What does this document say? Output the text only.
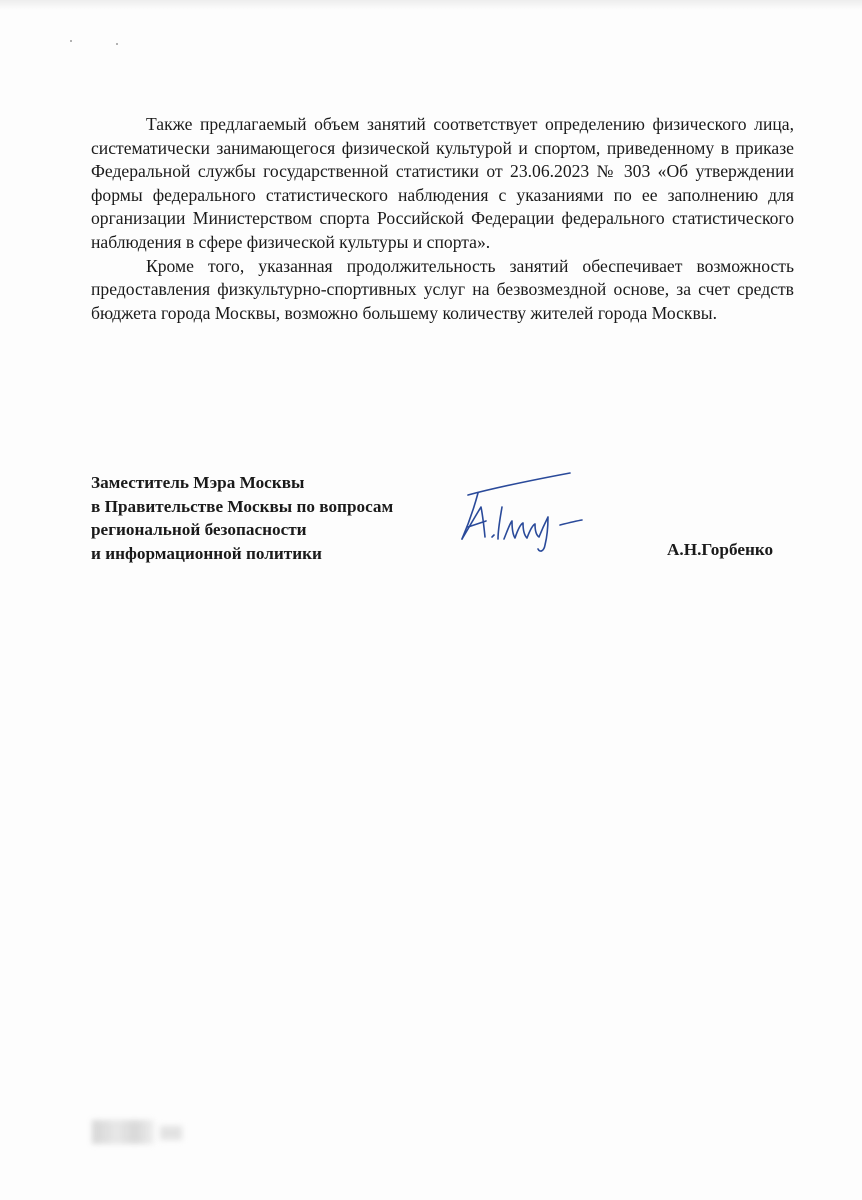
Также предлагаемый объем занятий соответствует определению физического лица, систематически занимающегося физической культурой и спортом, приведенному в приказе Федеральной службы государственной статистики от 23.06.2023 № 303 «Об утверждении формы федерального статистического наблюдения с указаниями по ее заполнению для организации Министерством спорта Российской Федерации федерального статистического наблюдения в сфере физической культуры и спорта».

Кроме того, указанная продолжительность занятий обеспечивает возможность предоставления физкультурно-спортивных услуг на безвозмездной основе, за счет средств бюджета города Москвы, возможно большему количеству жителей города Москвы.

Заместитель Мэра Москвы
в Правительстве Москвы по вопросам
региональной безопасности
и информационной политики	А.Н.Горбенко
